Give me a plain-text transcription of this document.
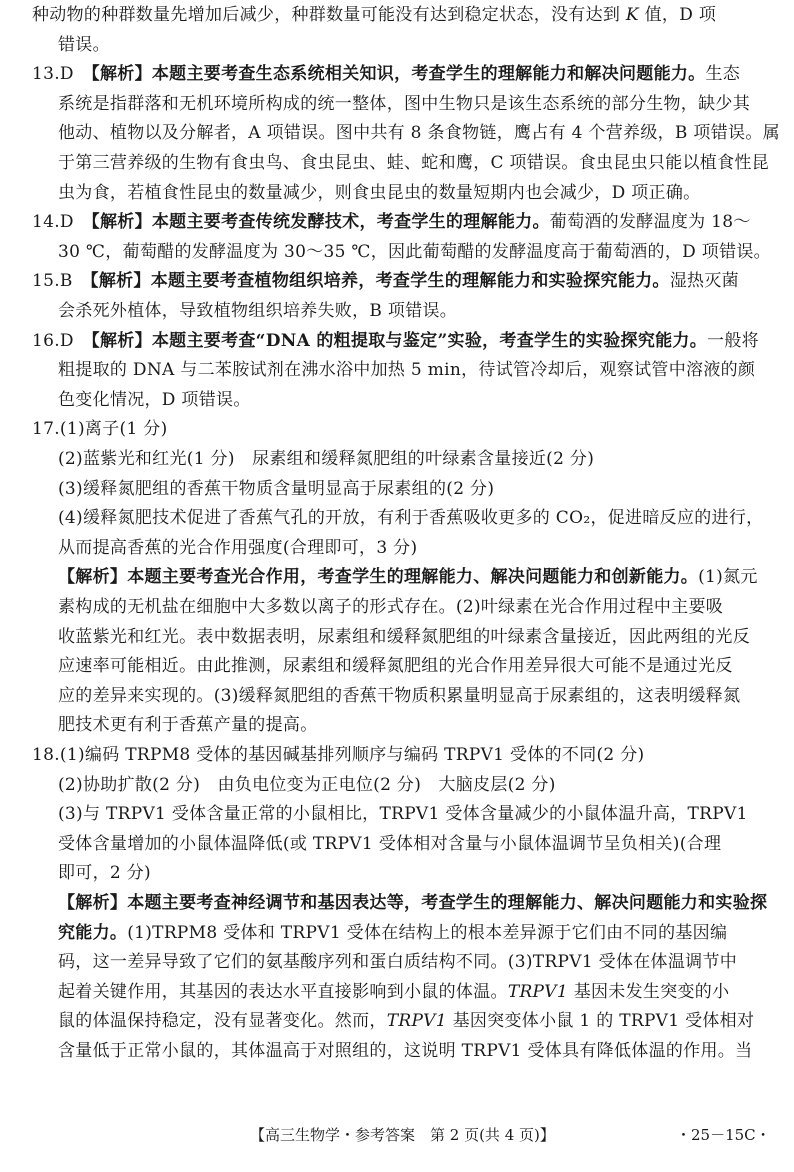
种动物的种群数量先增加后减少，种群数量可能没有达到稳定状态，没有达到 K 值，D 项
错误。
13.D　【解析】本题主要考查生态系统相关知识，考查学生的理解能力和解决问题能力。生态
系统是指群落和无机环境所构成的统一整体，图中生物只是该生态系统的部分生物，缺少其
他动、植物以及分解者，A 项错误。图中共有 8 条食物链，鹰占有 4 个营养级，B 项错误。属
于第三营养级的生物有食虫鸟、食虫昆虫、蛙、蛇和鹰，C 项错误。食虫昆虫只能以植食性昆
虫为食，若植食性昆虫的数量减少，则食虫昆虫的数量短期内也会减少，D 项正确。
14.D　【解析】本题主要考查传统发酵技术，考查学生的理解能力。葡萄酒的发酵温度为 18～
30 ℃，葡萄醋的发酵温度为 30～35 ℃，因此葡萄醋的发酵温度高于葡萄酒的，D 项错误。
15.B　【解析】本题主要考查植物组织培养，考查学生的理解能力和实验探究能力。湿热灭菌
会杀死外植体，导致植物组织培养失败，B 项错误。
16.D　【解析】本题主要考查“DNA 的粗提取与鉴定”实验，考查学生的实验探究能力。一般将
粗提取的 DNA 与二苯胺试剂在沸水浴中加热 5 min，待试管冷却后，观察试管中溶液的颜
色变化情况，D 项错误。
17.(1)离子(1 分)
(2)蓝紫光和红光(1 分)　尿素组和缓释氮肥组的叶绿素含量接近(2 分)
(3)缓释氮肥组的香蕉干物质含量明显高于尿素组的(2 分)
(4)缓释氮肥技术促进了香蕉气孔的开放，有利于香蕉吸收更多的 CO₂，促进暗反应的进行，
从而提高香蕉的光合作用强度(合理即可，3 分)
【解析】本题主要考查光合作用，考查学生的理解能力、解决问题能力和创新能力。(1)氮元
素构成的无机盐在细胞中大多数以离子的形式存在。(2)叶绿素在光合作用过程中主要吸
收蓝紫光和红光。表中数据表明，尿素组和缓释氮肥组的叶绿素含量接近，因此两组的光反
应速率可能相近。由此推测，尿素组和缓释氮肥组的光合作用差异很大可能不是通过光反
应的差异来实现的。(3)缓释氮肥组的香蕉干物质积累量明显高于尿素组的，这表明缓释氮
肥技术更有利于香蕉产量的提高。
18.(1)编码 TRPM8 受体的基因碱基排列顺序与编码 TRPV1 受体的不同(2 分)
(2)协助扩散(2 分)　由负电位变为正电位(2 分)　大脑皮层(2 分)
(3)与 TRPV1 受体含量正常的小鼠相比，TRPV1 受体含量减少的小鼠体温升高，TRPV1
受体含量增加的小鼠体温降低(或 TRPV1 受体相对含量与小鼠体温调节呈负相关)(合理
即可，2 分)
【解析】本题主要考查神经调节和基因表达等，考查学生的理解能力、解决问题能力和实验探
究能力。(1)TRPM8 受体和 TRPV1 受体在结构上的根本差异源于它们由不同的基因编
码，这一差异导致了它们的氨基酸序列和蛋白质结构不同。(3)TRPV1 受体在体温调节中
起着关键作用，其基因的表达水平直接影响到小鼠的体温。TRPV1 基因未发生突变的小
鼠的体温保持稳定，没有显著变化。然而，TRPV1 基因突变体小鼠 1 的 TRPV1 受体相对
含量低于正常小鼠的，其体温高于对照组的，这说明 TRPV1 受体具有降低体温的作用。当
【高三生物学・参考答案　第 2 页(共 4 页)】	・25－15C・
